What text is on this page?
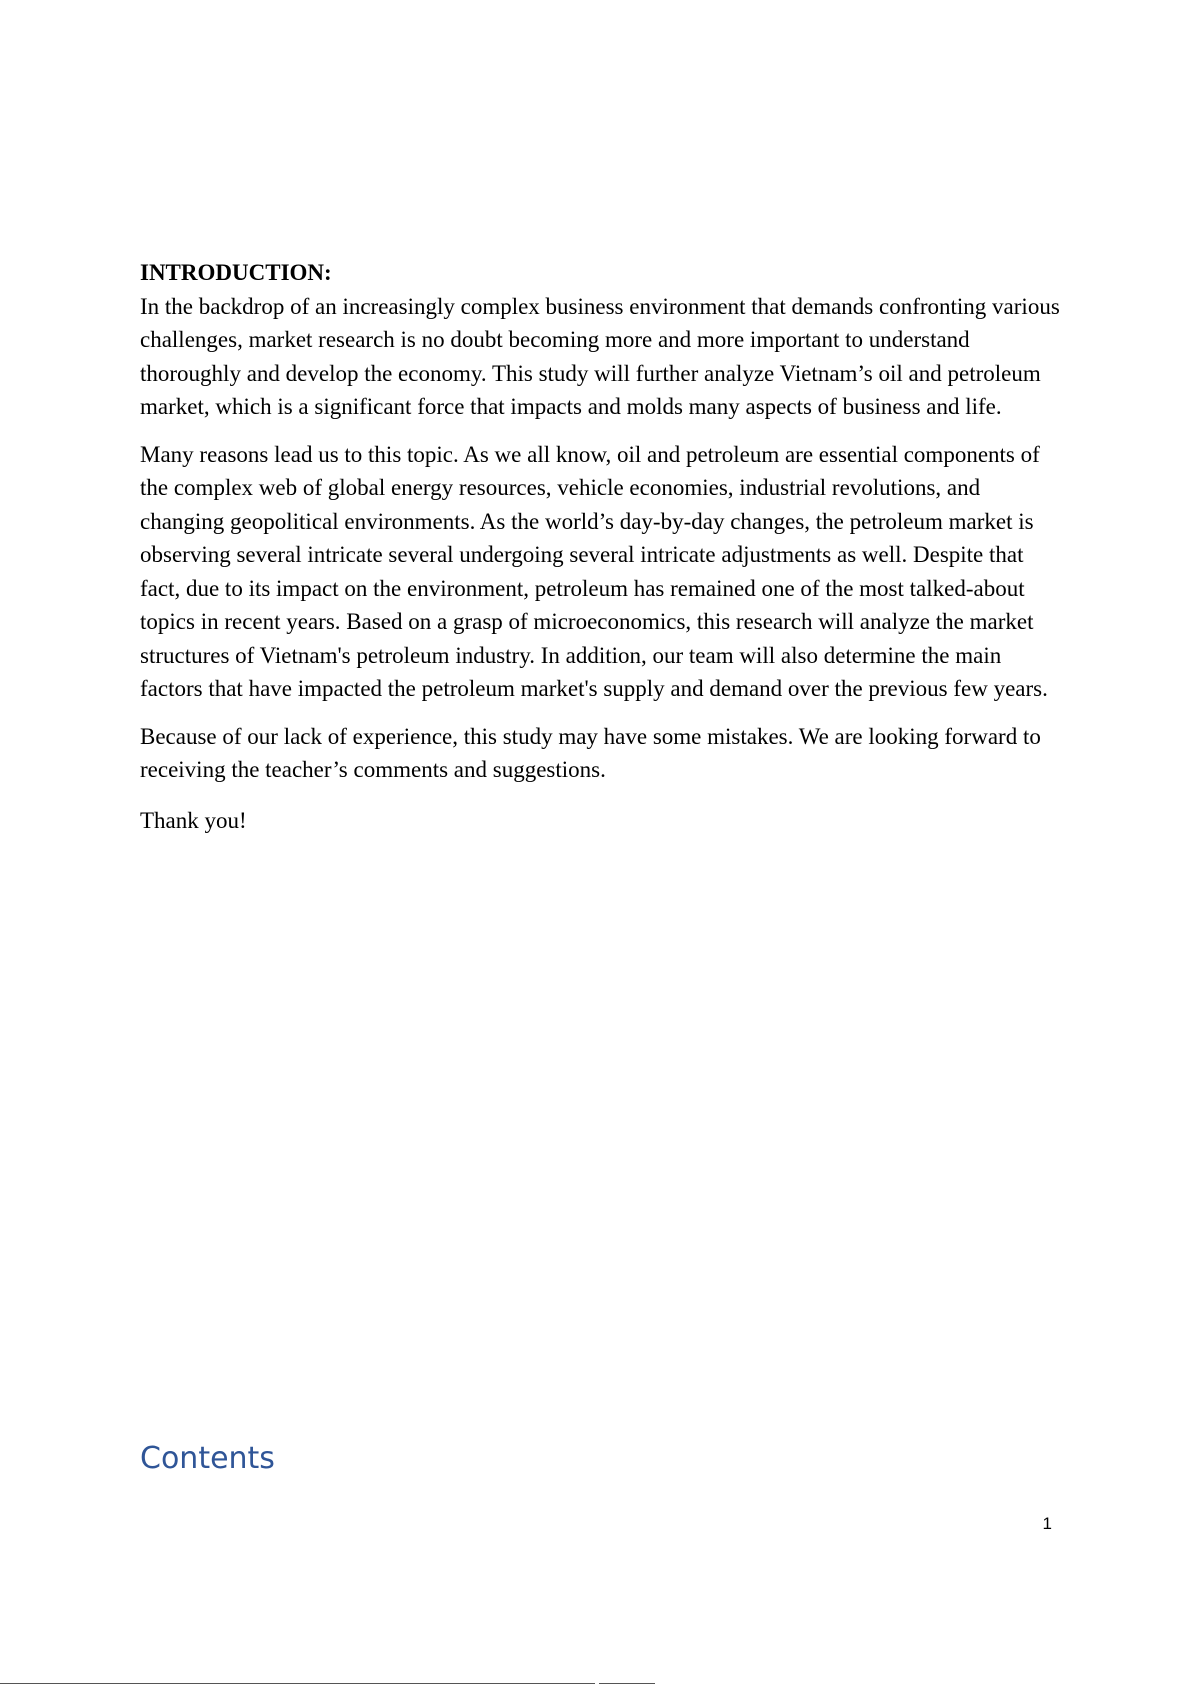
INTRODUCTION:

In the backdrop of an increasingly complex business environment that demands confronting various challenges, market research is no doubt becoming more and more important to understand thoroughly and develop the economy. This study will further analyze Vietnam’s oil and petroleum market, which is a significant force that impacts and molds many aspects of business and life.

Many reasons lead us to this topic. As we all know, oil and petroleum are essential components of the complex web of global energy resources, vehicle economies, industrial revolutions, and changing geopolitical environments. As the world’s day-by-day changes, the petroleum market is observing several intricate several undergoing several intricate adjustments as well. Despite that fact, due to its impact on the environment, petroleum has remained one of the most talked-about topics in recent years. Based on a grasp of microeconomics, this research will analyze the market structures of Vietnam's petroleum industry. In addition, our team will also determine the main factors that have impacted the petroleum market's supply and demand over the previous few years.

Because of our lack of experience, this study may have some mistakes. We are looking forward to receiving the teacher’s comments and suggestions.

Thank you!

Contents
1
